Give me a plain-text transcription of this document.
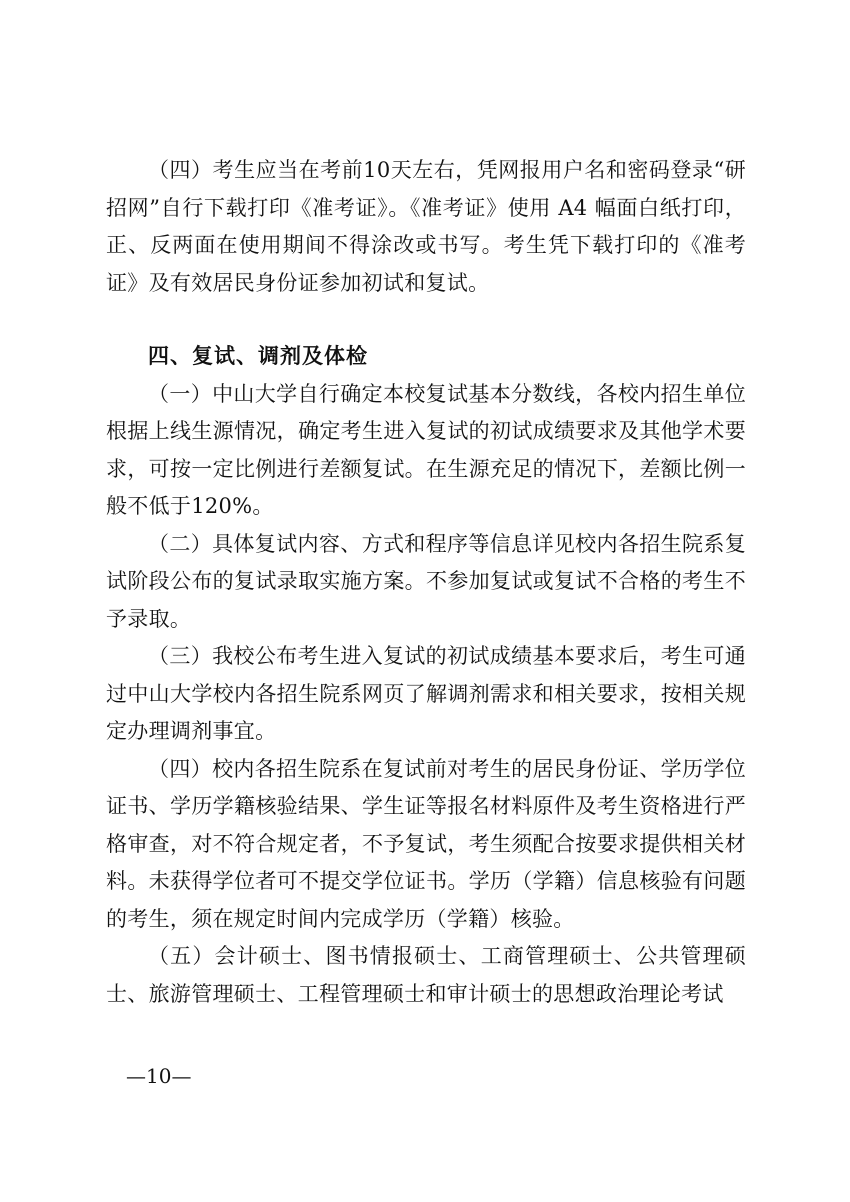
（四）考生应当在考前10天左右，凭网报用户名和密码登录“研招网”自行下载打印《准考证》。《准考证》使用 A4 幅面白纸打印，正、反两面在使用期间不得涂改或书写。考生凭下载打印的《准考证》及有效居民身份证参加初试和复试。

四、复试、调剂及体检

（一）中山大学自行确定本校复试基本分数线，各校内招生单位根据上线生源情况，确定考生进入复试的初试成绩要求及其他学术要求，可按一定比例进行差额复试。在生源充足的情况下，差额比例一般不低于120%。

（二）具体复试内容、方式和程序等信息详见校内各招生院系复试阶段公布的复试录取实施方案。不参加复试或复试不合格的考生不予录取。

（三）我校公布考生进入复试的初试成绩基本要求后，考生可通过中山大学校内各招生院系网页了解调剂需求和相关要求，按相关规定办理调剂事宜。

（四）校内各招生院系在复试前对考生的居民身份证、学历学位证书、学历学籍核验结果、学生证等报名材料原件及考生资格进行严格审查，对不符合规定者，不予复试，考生须配合按要求提供相关材料。未获得学位者可不提交学位证书。学历（学籍）信息核验有问题的考生，须在规定时间内完成学历（学籍）核验。

（五）会计硕士、图书情报硕士、工商管理硕士、公共管理硕士、旅游管理硕士、工程管理硕士和审计硕士的思想政治理论考试

—10—
